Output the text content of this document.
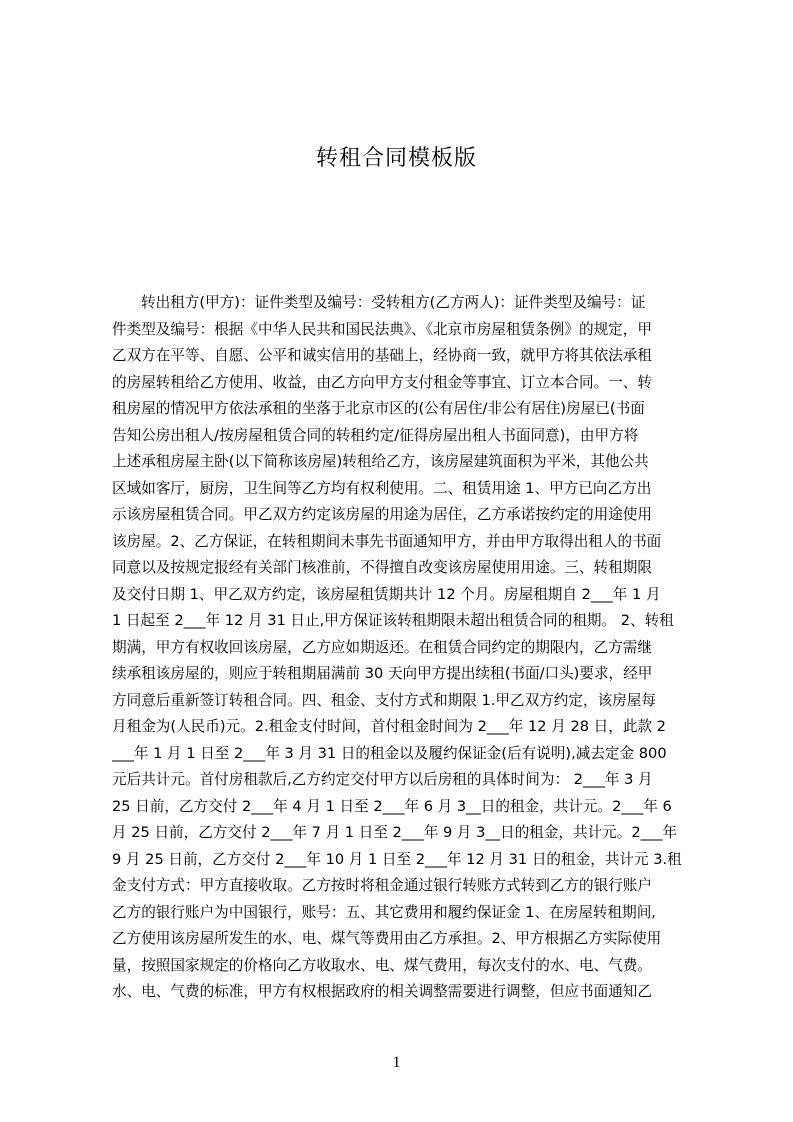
转租合同模板版
转出租方(甲方)：证件类型及编号：受转租方(乙方两人)：证件类型及编号：证
件类型及编号：根据《中华人民共和国民法典》、《北京市房屋租赁条例》的规定，甲
乙双方在平等、自愿、公平和诚实信用的基础上，经协商一致，就甲方将其依法承租
的房屋转租给乙方使用、收益，由乙方向甲方支付租金等事宜、订立本合同。一、转
租房屋的情况甲方依法承租的坐落于北京市区的(公有居住/非公有居住)房屋已(书面
告知公房出租人/按房屋租赁合同的转租约定/征得房屋出租人书面同意)，由甲方将
上述承租房屋主卧(以下简称该房屋)转租给乙方，该房屋建筑面积为平米，其他公共
区域如客厅，厨房，卫生间等乙方均有权利使用。二、租赁用途 1、甲方已向乙方出
示该房屋租赁合同。甲乙双方约定该房屋的用途为居住，乙方承诺按约定的用途使用
该房屋。2、乙方保证，在转租期间未事先书面通知甲方，并由甲方取得出租人的书面
同意以及按规定报经有关部门核准前，不得擅自改变该房屋使用用途。三、转租期限
及交付日期 1、甲乙双方约定，该房屋租赁期共计 12 个月。房屋租期自 2___年 1 月
1 日起至 2___年 12 月 31 日止,甲方保证该转租期限未超出租赁合同的租期。 2、转租
期满，甲方有权收回该房屋，乙方应如期返还。在租赁合同约定的期限内，乙方需继
续承租该房屋的，则应于转租期届满前 30 天向甲方提出续租(书面/口头)要求，经甲
方同意后重新签订转租合同。四、租金、支付方式和期限 1.甲乙双方约定，该房屋每
月租金为(人民币)元。2.租金支付时间，首付租金时间为 2___年 12 月 28 日，此款 2
___年 1 月 1 日至 2___年 3 月 31 日的租金以及履约保证金(后有说明),减去定金 800
元后共计元。首付房租款后,乙方约定交付甲方以后房租的具体时间为： 2___年 3 月
25 日前，乙方交付 2___年 4 月 1 日至 2___年 6 月 3__日的租金，共计元。2___年 6
月 25 日前，乙方交付 2___年 7 月 1 日至 2___年 9 月 3__日的租金，共计元。2___年
9 月 25 日前，乙方交付 2___年 10 月 1 日至 2___年 12 月 31 日的租金，共计元 3.租
金支付方式：甲方直接收取。乙方按时将租金通过银行转账方式转到乙方的银行账户
乙方的银行账户为中国银行，账号：五、其它费用和履约保证金 1、在房屋转租期间,
乙方使用该房屋所发生的水、电、煤气等费用由乙方承担。2、甲方根据乙方实际使用
量，按照国家规定的价格向乙方收取水、电、煤气费用，每次支付的水、电、气费。
水、电、气费的标准，甲方有权根据政府的相关调整需要进行调整，但应书面通知乙
1
